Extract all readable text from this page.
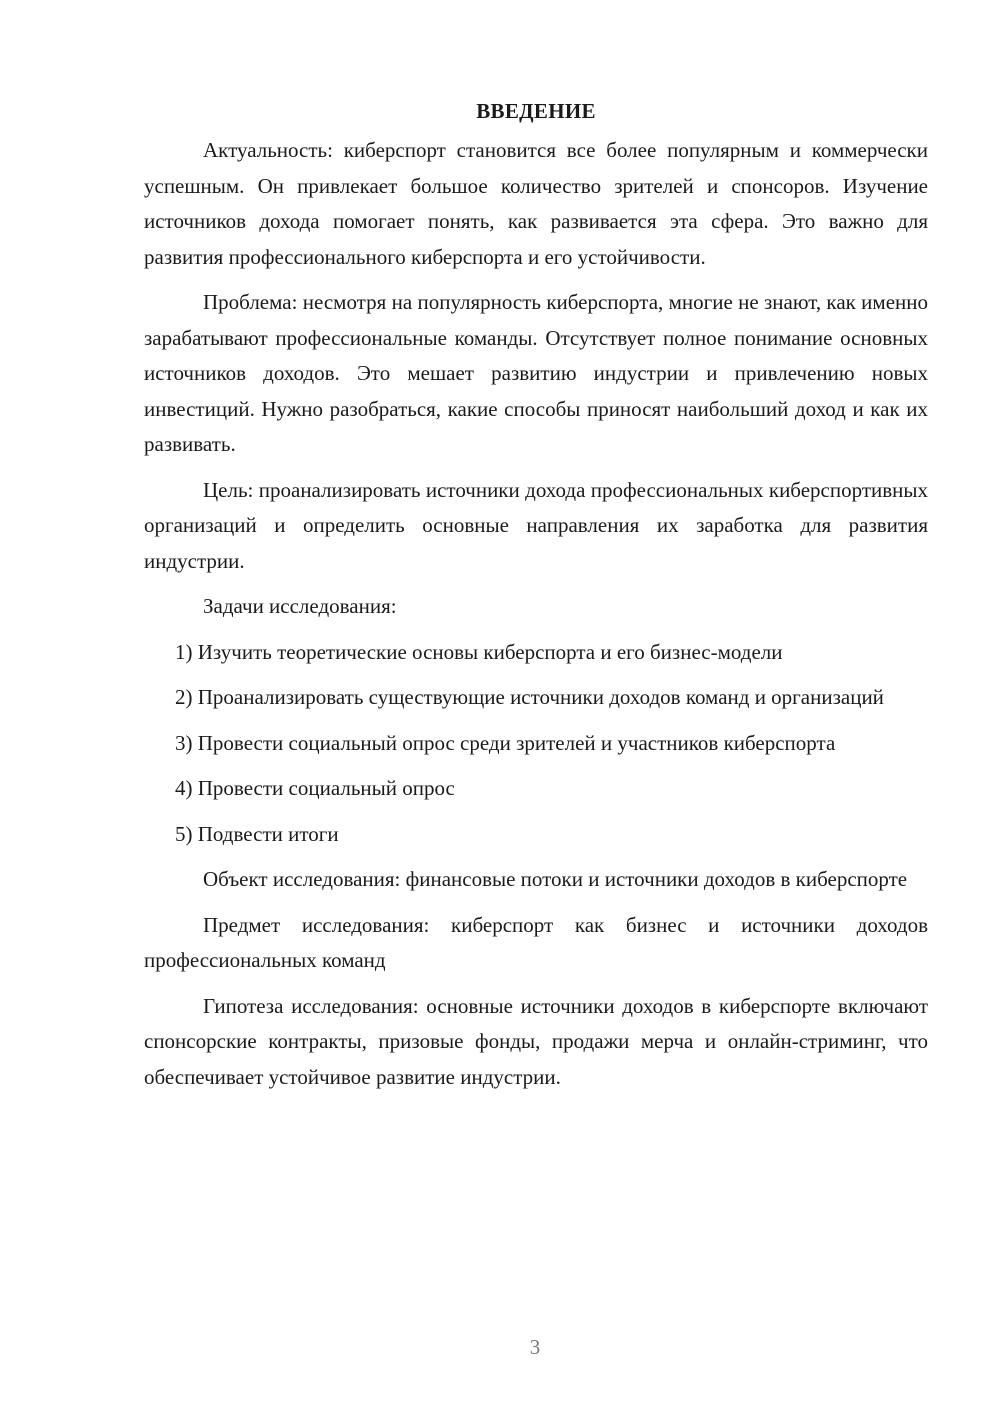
ВВЕДЕНИЕ

Актуальность: киберспорт становится все более популярным и коммерчески успешным. Он привлекает большое количество зрителей и спонсоров. Изучение источников дохода помогает понять, как развивается эта сфера. Это важно для развития профессионального киберспорта и его устойчивости.

Проблема: несмотря на популярность киберспорта, многие не знают, как именно зарабатывают профессиональные команды. Отсутствует полное понимание основных источников доходов. Это мешает развитию индустрии и привлечению новых инвестиций. Нужно разобраться, какие способы приносят наибольший доход и как их развивать.

Цель: проанализировать источники дохода профессиональных киберспортивных организаций и определить основные направления их заработка для развития индустрии.

Задачи исследования:

1) Изучить теоретические основы киберспорта и его бизнес-модели

2) Проанализировать существующие источники доходов команд и организаций

3) Провести социальный опрос среди зрителей и участников киберспорта

4) Провести социальный опрос

5) Подвести итоги

Объект исследования: финансовые потоки и источники доходов в киберспорте

Предмет исследования: киберспорт как бизнес и источники доходов профессиональных команд

Гипотеза исследования: основные источники доходов в киберспорте включают спонсорские контракты, призовые фонды, продажи мерча и онлайн-стриминг, что обеспечивает устойчивое развитие индустрии.

3
